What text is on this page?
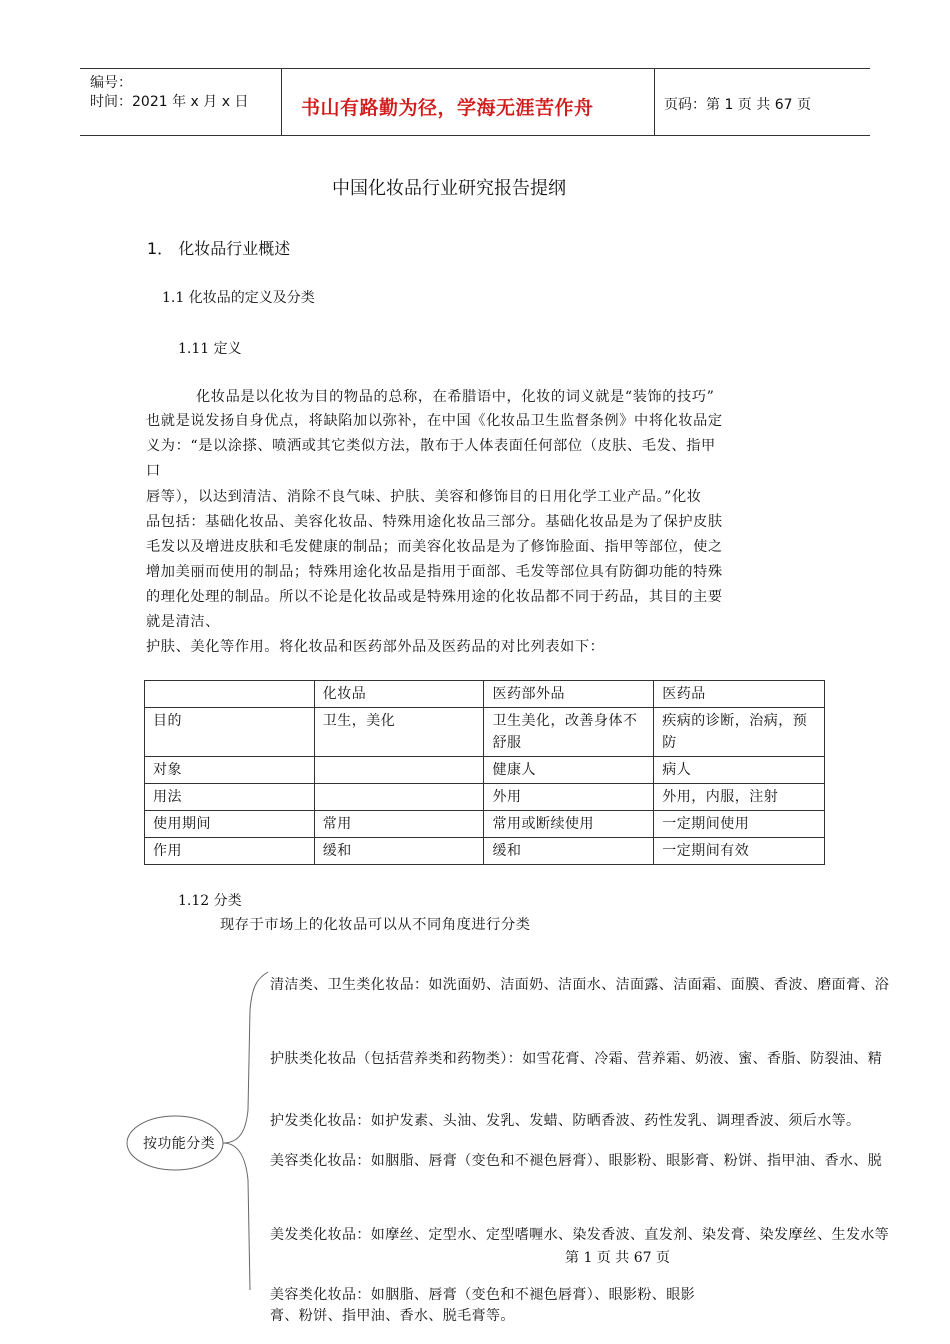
编号：
时间：2021 年 x 月 x 日	书山有路勤为径，学海无涯苦作舟	页码：第 1 页 共 67 页
中国化妆品行业研究报告提纲
1． 化妆品行业概述
1.1 化妆品的定义及分类
1.11 定义
化妆品是以化妆为目的物品的总称，在希腊语中，化妆的词义就是“装饰的技巧”
也就是说发扬自身优点，将缺陷加以弥补，在中国《化妆品卫生监督条例》中将化妆品定
义为：“是以涂搽、喷洒或其它类似方法，散布于人体表面任何部位（皮肤、毛发、指甲
口
唇等），以达到清洁、消除不良气味、护肤、美容和修饰目的日用化学工业产品。”化妆
品包括：基础化妆品、美容化妆品、特殊用途化妆品三部分。基础化妆品是为了保护皮肤
毛发以及增进皮肤和毛发健康的制品；而美容化妆品是为了修饰脸面、指甲等部位，使之
增加美丽而使用的制品；特殊用途化妆品是指用于面部、毛发等部位具有防御功能的特殊
的理化处理的制品。所以不论是化妆品或是特殊用途的化妆品都不同于药品，其目的主要
就是清洁、
护肤、美化等作用。将化妆品和医药部外品及医药品的对比列表如下：
	化妆品	医药部外品	医药品
目的	卫生，美化	卫生美化，改善身体不舒服	疾病的诊断，治病，预防
对象		健康人	病人
用法		外用	外用，内服，注射
使用期间	常用	常用或断续使用	一定期间使用
作用	缓和	缓和	一定期间有效
1.12 分类
现存于市场上的化妆品可以从不同角度进行分类
按功能分类
清洁类、卫生类化妆品：如洗面奶、洁面奶、洁面水、洁面露、洁面霜、面膜、香波、磨面膏、浴
护肤类化妆品（包括营养类和药物类）：如雪花膏、冷霜、营养霜、奶液、蜜、香脂、防裂油、精
护发类化妆品：如护发素、头油、发乳、发蜡、防晒香波、药性发乳、调理香波、须后水等。
美容类化妆品：如胭脂、唇膏（变色和不褪色唇膏）、眼影粉、眼影膏、粉饼、指甲油、香水、脱
美发类化妆品：如摩丝、定型水、定型嗜喱水、染发香波、直发剂、染发膏、染发摩丝、生发水等
第 1 页 共 67 页
美容类化妆品：如胭脂、唇膏（变色和不褪色唇膏）、眼影粉、眼影
膏、粉饼、指甲油、香水、脱毛膏等。
